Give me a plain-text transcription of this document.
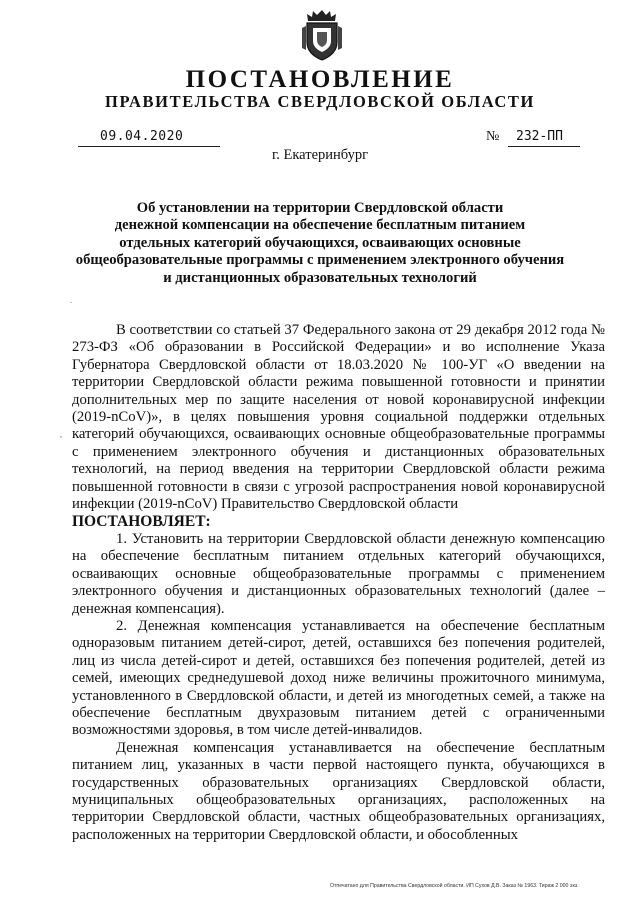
ПОСТАНОВЛЕНИЕ
ПРАВИТЕЛЬСТВА СВЕРДЛОВСКОЙ ОБЛАСТИ
09.04.2020	№ 232-ПП
г. Екатеринбург
Об установлении на территории Свердловской области
денежной компенсации на обеспечение бесплатным питанием
отдельных категорий обучающихся, осваивающих основные
общеобразовательные программы с применением электронного обучения
и дистанционных образовательных технологий
.
,

В соответствии со статьей 37 Федерального закона от 29 декабря 2012 года № 273-ФЗ «Об образовании в Российской Федерации» и во исполнение Указа Губернатора Свердловской области от 18.03.2020 № 100-УГ «О введении на территории Свердловской области режима повышенной готовности и принятии дополнительных мер по защите населения от новой коронавирусной инфекции (2019-nCoV)», в целях повышения уровня социальной поддержки отдельных категорий обучающихся, осваивающих основные общеобразовательные программы с применением электронного обучения и дистанционных образовательных технологий, на период введения на территории Свердловской области режима повышенной готовности в связи с угрозой распространения новой коронавирусной инфекции (2019-nCoV) Правительство Свердловской области

ПОСТАНОВЛЯЕТ:

1. Установить на территории Свердловской области денежную компенсацию на обеспечение бесплатным питанием отдельных категорий обучающихся, осваивающих основные общеобразовательные программы с применением электронного обучения и дистанционных образовательных технологий (далее – денежная компенсация).

2. Денежная компенсация устанавливается на обеспечение бесплатным одноразовым питанием детей-сирот, детей, оставшихся без попечения родителей, лиц из числа детей-сирот и детей, оставшихся без попечения родителей, детей из семей, имеющих среднедушевой доход ниже величины прожиточного минимума, установленного в Свердловской области, и детей из многодетных семей, а также на обеспечение бесплатным двухразовым питанием детей с ограниченными возможностями здоровья, в том числе детей-инвалидов.

Денежная компенсация устанавливается на обеспечение бесплатным питанием лиц, указанных в части первой настоящего пункта, обучающихся в государственных образовательных организациях Свердловской области, муниципальных общеобразовательных организациях, расположенных на территории Свердловской области, частных общеобразовательных организациях, расположенных на территории Свердловской области, и обособленных

Отпечатано для Правительства Свердловской области. ИП Сухов Д.В. Заказ № 1963. Тираж 2 000 экз.
